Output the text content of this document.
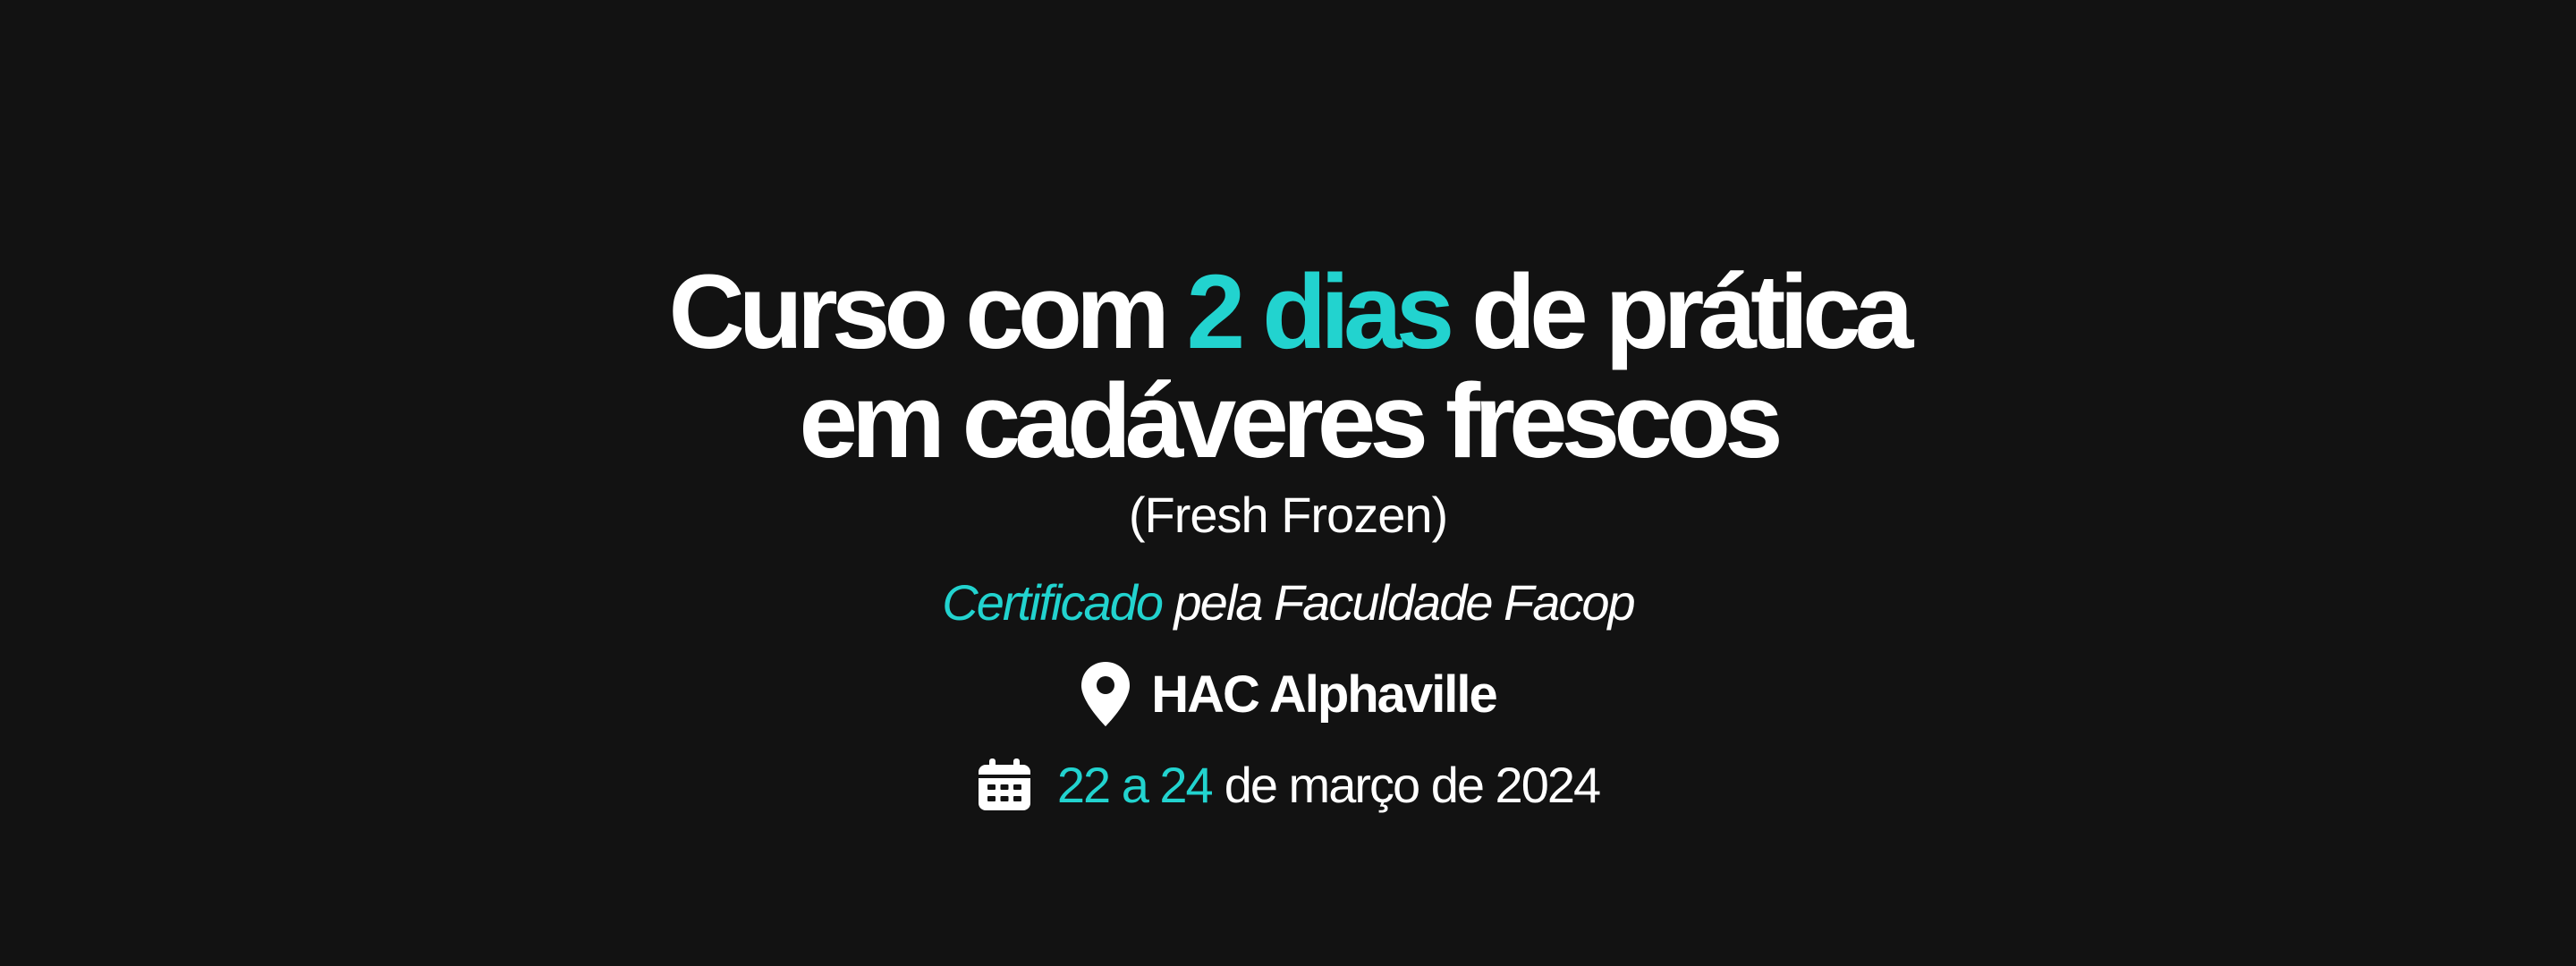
Curso com 2 dias de prática
em cadáveres frescos
(Fresh Frozen)
Certificado pela Faculdade Facop
HAC Alphaville
22 a 24 de março de 2024
